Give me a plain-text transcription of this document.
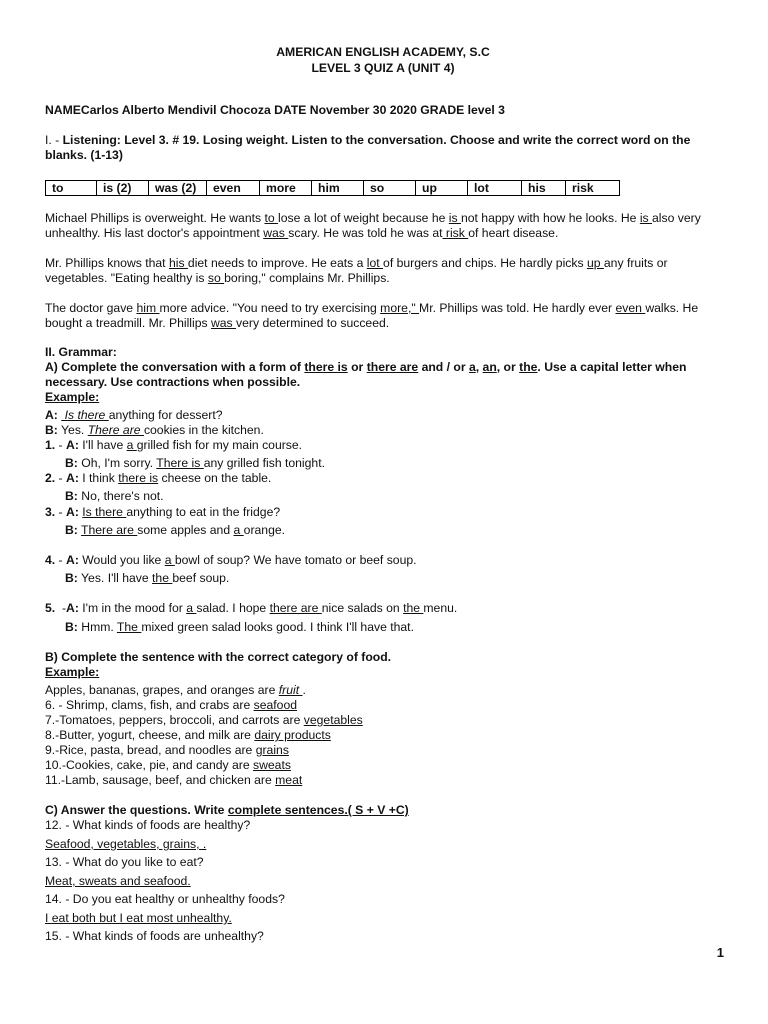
AMERICAN ENGLISH ACADEMY, S.C
LEVEL 3 QUIZ A (UNIT 4)
NAMECarlos Alberto Mendivil Chocoza DATE November 30 2020 GRADE level 3
I. - Listening: Level 3. # 19. Losing weight. Listen to the conversation. Choose and write the correct word on the blanks. (1-13)
to	is (2)	was (2)	even	more	him	so	up	lot	his	risk
Michael Phillips is overweight. He wants to lose a lot of weight because he is not happy with how he looks. He is also very unhealthy. His last doctor's appointment was scary. He was told he was at risk of heart disease.
Mr. Phillips knows that his diet needs to improve. He eats a lot of burgers and chips. He hardly picks up any fruits or vegetables. "Eating healthy is so boring," complains Mr. Phillips.
The doctor gave him more advice. "You need to try exercising more," Mr. Phillips was told. He hardly ever even walks. He bought a treadmill. Mr. Phillips was very determined to succeed.
II. Grammar:
A) Complete the conversation with a form of there is or there are and / or a, an, or the. Use a capital letter when necessary. Use contractions when possible.
Example:
A:  Is there anything for dessert?
B: Yes. There are cookies in the kitchen.
1. - A: I'll have a grilled fish for my main course.
B: Oh, I'm sorry. There is any grilled fish tonight.
2. - A: I think there is cheese on the table.
B: No, there's not.
3. - A: Is there anything to eat in the fridge?
B: There are some apples and a orange.
4. - A: Would you like a bowl of soup? We have tomato or beef soup.
B: Yes. I'll have the beef soup.
5.  -A: I'm in the mood for a salad. I hope there are nice salads on the menu.
B: Hmm. The mixed green salad looks good. I think I'll have that.
B) Complete the sentence with the correct category of food.
Example:
Apples, bananas, grapes, and oranges are fruit .
6. - Shrimp, clams, fish, and crabs are seafood
7.-Tomatoes, peppers, broccoli, and carrots are vegetables
8.-Butter, yogurt, cheese, and milk are dairy products
9.-Rice, pasta, bread, and noodles are grains
10.-Cookies, cake, pie, and candy are sweats
11.-Lamb, sausage, beef, and chicken are meat
C) Answer the questions. Write complete sentences.( S + V +C)
12. - What kinds of foods are healthy?
Seafood, vegetables, grains, .
13. - What do you like to eat?
Meat, sweats and seafood.
14. - Do you eat healthy or unhealthy foods?
I eat both but I eat most unhealthy.
15. - What kinds of foods are unhealthy?
1
